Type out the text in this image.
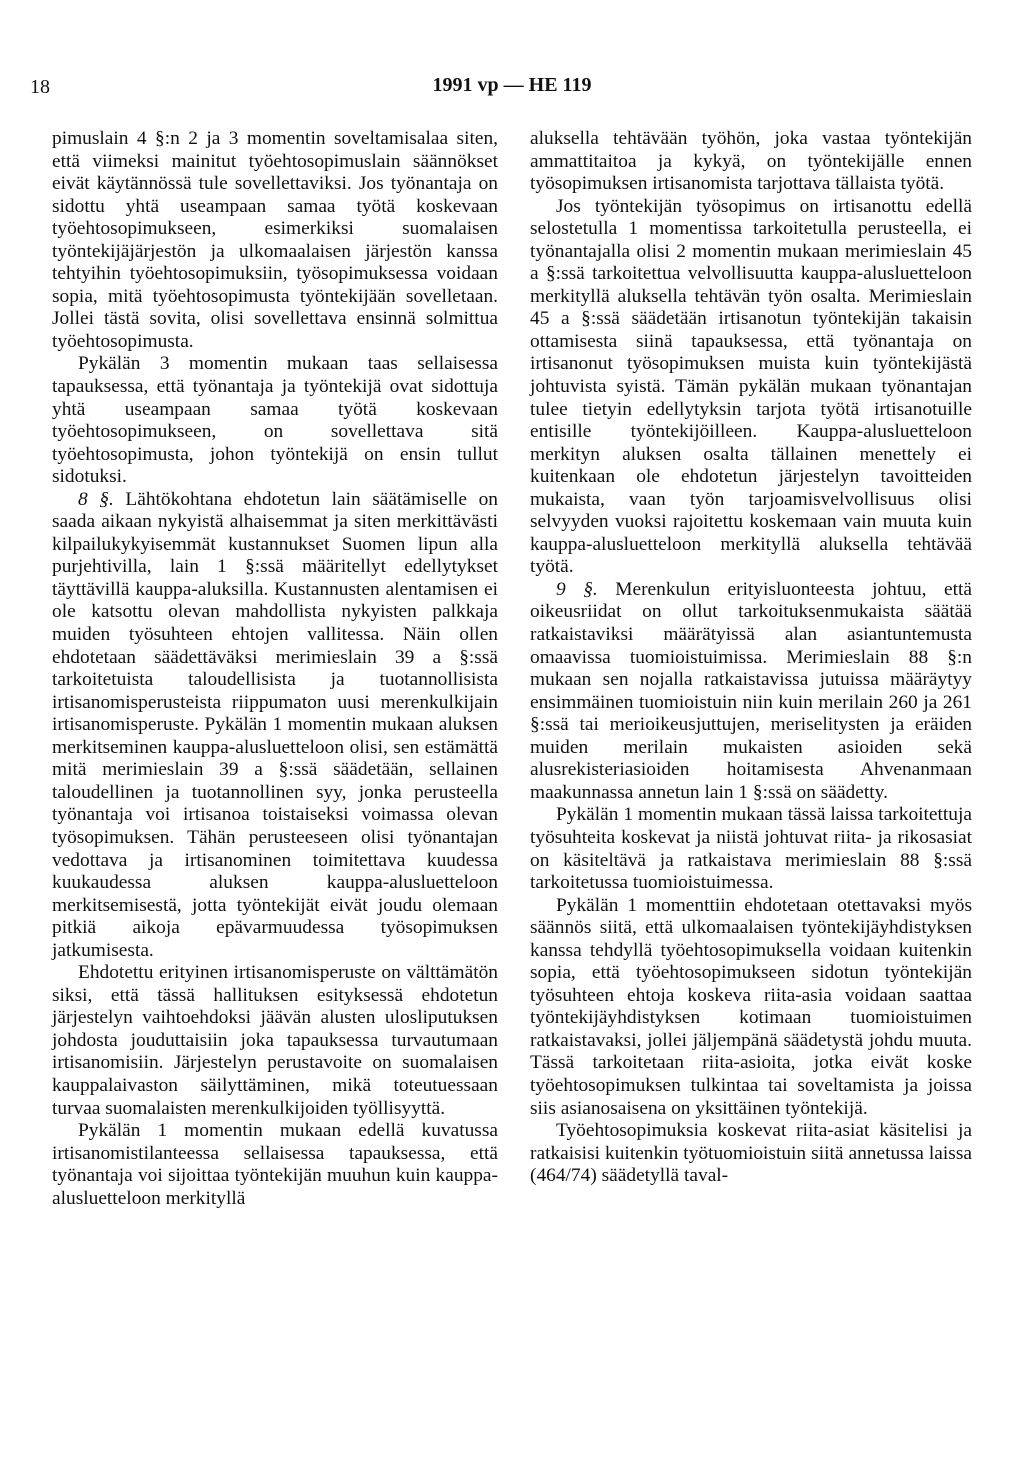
18	1991 vp — HE 119

pimuslain 4 §:n 2 ja 3 momentin soveltamisalaa siten, että viimeksi mainitut työehtosopimuslain säännökset eivät käytännössä tule sovellettaviksi. Jos työnantaja on sidottu yhtä useampaan samaa työtä koskevaan työehtosopimukseen, esimerkiksi suomalaisen työntekijäjärjestön ja ulkomaalaisen järjestön kanssa tehtyihin työehtosopimuksiin, työsopimuksessa voidaan sopia, mitä työehtosopimusta työntekijään sovelletaan. Jollei tästä sovita, olisi sovellettava ensinnä solmittua työehtosopimusta.

Pykälän 3 momentin mukaan taas sellaisessa tapauksessa, että työnantaja ja työntekijä ovat sidottuja yhtä useampaan samaa työtä koskevaan työehtosopimukseen, on sovellettava sitä työehtosopimusta, johon työntekijä on ensin tullut sidotuksi.

8 §. Lähtökohtana ehdotetun lain säätämiselle on saada aikaan nykyistä alhaisemmat ja siten merkittävästi kilpailukykyisemmät kustannukset Suomen lipun alla purjehtivilla, lain 1 §:ssä määritellyt edellytykset täyttävillä kauppa-aluksilla. Kustannusten alentamisen ei ole katsottu olevan mahdollista nykyisten palkkaja muiden työsuhteen ehtojen vallitessa. Näin ollen ehdotetaan säädettäväksi merimieslain 39 a §:ssä tarkoitetuista taloudellisista ja tuotannollisista irtisanomisperusteista riippumaton uusi merenkulkijain irtisanomisperuste. Pykälän 1 momentin mukaan aluksen merkitseminen kauppa-alusluetteloon olisi, sen estämättä mitä merimieslain 39 a §:ssä säädetään, sellainen taloudellinen ja tuotannollinen syy, jonka perusteella työnantaja voi irtisanoa toistaiseksi voimassa olevan työsopimuksen. Tähän perusteeseen olisi työnantajan vedottava ja irtisanominen toimitettava kuudessa kuukaudessa aluksen kauppa-alusluetteloon merkitsemisestä, jotta työntekijät eivät joudu olemaan pitkiä aikoja epävarmuudessa työsopimuksen jatkumisesta.

Ehdotettu erityinen irtisanomisperuste on välttämätön siksi, että tässä hallituksen esityksessä ehdotetun järjestelyn vaihtoehdoksi jäävän alusten ulosliputuksen johdosta jouduttaisiin joka tapauksessa turvautumaan irtisanomisiin. Järjestelyn perustavoite on suomalaisen kauppalaivaston säilyttäminen, mikä toteutuessaan turvaa suomalaisten merenkulkijoiden työllisyyttä.

Pykälän 1 momentin mukaan edellä kuvatussa irtisanomistilanteessa sellaisessa tapauksessa, että työnantaja voi sijoittaa työntekijän muuhun kuin kauppa-alusluetteloon merkityllä

aluksella tehtävään työhön, joka vastaa työntekijän ammattitaitoa ja kykyä, on työntekijälle ennen työsopimuksen irtisanomista tarjottava tällaista työtä.

Jos työntekijän työsopimus on irtisanottu edellä selostetulla 1 momentissa tarkoitetulla perusteella, ei työnantajalla olisi 2 momentin mukaan merimieslain 45 a §:ssä tarkoitettua velvollisuutta kauppa-alusluetteloon merkityllä aluksella tehtävän työn osalta. Merimieslain 45 a §:ssä säädetään irtisanotun työntekijän takaisin ottamisesta siinä tapauksessa, että työnantaja on irtisanonut työsopimuksen muista kuin työntekijästä johtuvista syistä. Tämän pykälän mukaan työnantajan tulee tietyin edellytyksin tarjota työtä irtisanotuille entisille työntekijöilleen. Kauppa-alusluetteloon merkityn aluksen osalta tällainen menettely ei kuitenkaan ole ehdotetun järjestelyn tavoitteiden mukaista, vaan työn tarjoamisvelvollisuus olisi selvyyden vuoksi rajoitettu koskemaan vain muuta kuin kauppa-alusluetteloon merkityllä aluksella tehtävää työtä.

9 §. Merenkulun erityisluonteesta johtuu, että oikeusriidat on ollut tarkoituksenmukaista säätää ratkaistaviksi määrätyissä alan asiantuntemusta omaavissa tuomioistuimissa. Merimieslain 88 §:n mukaan sen nojalla ratkaistavissa jutuissa määräytyy ensimmäinen tuomioistuin niin kuin merilain 260 ja 261 §:ssä tai merioikeusjuttujen, meriselitysten ja eräiden muiden merilain mukaisten asioiden sekä alusrekisteriasioiden hoitamisesta Ahvenanmaan maakunnassa annetun lain 1 §:ssä on säädetty.

Pykälän 1 momentin mukaan tässä laissa tarkoitettuja työsuhteita koskevat ja niistä johtuvat riita- ja rikosasiat on käsiteltävä ja ratkaistava merimieslain 88 §:ssä tarkoitetussa tuomioistuimessa.

Pykälän 1 momenttiin ehdotetaan otettavaksi myös säännös siitä, että ulkomaalaisen työntekijäyhdistyksen kanssa tehdyllä työehtosopimuksella voidaan kuitenkin sopia, että työehtosopimukseen sidotun työntekijän työsuhteen ehtoja koskeva riita-asia voidaan saattaa työntekijäyhdistyksen kotimaan tuomioistuimen ratkaistavaksi, jollei jäljempänä säädetystä johdu muuta. Tässä tarkoitetaan riita-asioita, jotka eivät koske työehtosopimuksen tulkintaa tai soveltamista ja joissa siis asianosaisena on yksittäinen työntekijä.

Työehtosopimuksia koskevat riita-asiat käsitelisi ja ratkaisisi kuitenkin työtuomioistuin siitä annetussa laissa (464/74) säädetyllä taval-
